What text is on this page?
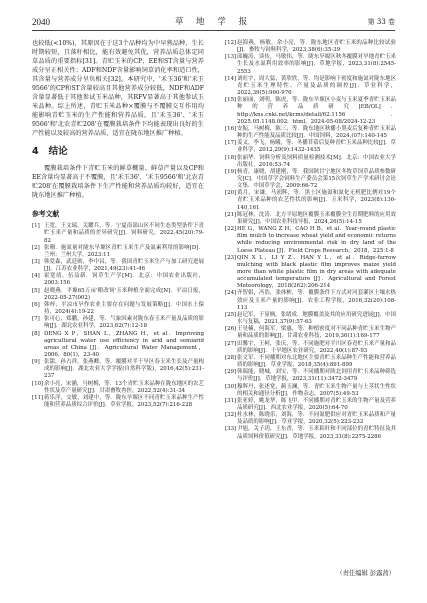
2040	草 地 学 报	第 33 卷

也较低(<10%)，其原因在于这3个品种均为中早熟品种，生长时期较短，且落秆相比，能有效避免其优，营养品质总体定同草品质的重要指标[31]。青贮玉米的CP、EE和ST含量与营养成分呈正相关性；ADF和NDF含量影响饲草消化率和适口性，其含量与营养成分呈负相关[32]。本研究中，'禾玉36'和'禾玉9566'的CP和ST含量较高且其他营养成分较低，NDF和ADF含量显著低于其他参试玉米品种，其RFV显著高于其他参试玉米品种。综上所述，青贮玉米品种×覆膜与不覆膜交互作用均能影响青贮玉米的生产性能和营养品质，且'禾玉36'、'禾玉9566'和'北农青贮208'在覆膜栽培条件下均能表现出良好的生产性能以及较高的营养品质，适宜在陇东地区推广种植。

4 结论

覆膜栽培条件下青贮玉米的鲜草概量、鲜草产量以及CP和EE含量均显著高于不覆膜，且'禾玉36'、'禾玉9566'和'北农青贮208'在覆膜栽培条件下生产性能和营养品质均较好，适宜在陇东地区推广种植。

参考文献
[1] 王宽，王文瑞，关耀兵，等．宁夏南部山区不同生态类型条件下青贮玉米产量和品质的差异研究[J]．饲料研究，2022,45(20):79-82
[2] 张珊．施氮量对陇东旱塬区青贮玉米生产及氮素利用的影响[D]．兰州：兰州大学，2023:11
[3] 韩爱森，武廷勋，李中昌，等．我国青贮玉米生产与加工研究进展[J]．江苏农业科学，2021,49(23):41-46
[4] 霍宽靖，伍益新．饲草生产学[M]．北京：中国农业出版社，2003:156
[5] 赵晓燕．平塬65万亩'粮改饲'玉米种植全面完成[N]．平凉日报，2022-05-27(002)
[6] 韩梓，平凉市旱作农业主要存在问题与发展策略[J]．中国水土保持，2024(4):19-22
[7] 张可心，郑鹏，孙建，等．气象因素对陇东春玉米产量及品质的影响[J]．湖北农业科学，2023,62(7):12-18
[8] DENG X P，SHAN L，ZHANG H，et al．Improving agricultural water use efficiency in arid and semiarid areas of China [J]．Agricultural Water Management，2006，80(1)，23-40
[9] 张甜，孙占祥，张燕卿，等．覆膜对半干旱区春玉米生长及产量构成的影响[J]．湖北农业大学学报(自然科学版)，2016,42(5):231-237
[10] 余小亮，宋涵，马树梅，等．13个青贮玉米品种在陇东地区的农艺性状及草产量研究[J]．甘肃畜牧兽医，2022,52(4):31-34
[11] 蒋乐洋，交敏，刘建中，等．陇东旱塬区不同青贮玉米品种生产性能和营养品质综合评价[J]．草业学报，2023,52(7):216-228
[12] 赵海燕，杨敏，余小亮，等．陇东地区青贮玉米的品种比较试验[J]．畜牧与饲料科学，2023,38(6):35-39
[13] 邱巍涛，谈传，马敏伟，等．陇东旱塬区秋冬覆膜对旱地青贮玉米生长及水氮利用效率的影响[J]．草地学报，2023,31(8):2545-2553
[14] 刘旺宇，周大猛，黄欣欣，等．均是影响下密度和施氮对陇东地区青贮玉米生理特性、产量及品质的调控[J]．草业科学，2022,39(5):960-976
[15] 张丽丽，刘明，陈虎，等．陇东旱塬区小麦与玉米夏季青贮玉米品种的营养品质研究[EB/OL]．http://kns.cnki.net/kcms/detail/62.1156．2025.05.1148.002．html，2024-05-08/2024-12-23
[16] 安振，马树梅，陈三，等．陇东地区秋播小黑麦后复种青贮玉米品种的生产性能及品质比较[J]．中国饲料，2024,(07):140-145
[17] 姜义，李飞，杨曦，等．冬播苜蓿后复种青贮玉米品种比较[J]．草业科学，2012,29(9):1432-1435
[18] 张丽华．饲料分析及饲料质量检测技术[M]．北京：中国农业大学出版社，2016:53-74
[19] 杨青，康晓，胡建刚，等．我国陕甘宁地区冬牧草饲草品质参数研究[C]．中国草学会饲料生产委员会第15次饲草生产学术研讨会论文集．中国草学会，2009:66-72
[20] 黄月，宋谦，马润辉，等．黑土区施氮和氮化无机肥比例对19个青贮玉米品种的农艺性状的影响[J]．玉米科学，2023(8):136-140,161
[21] 陈冠林，沈涛．北方平原地区覆膜玉米覆膜全生育期肥料的应用效果研究[J]．中国农业科技导报，2024,26(5):14-15
[22] HE G，WANG Z H，CAO H B，et al．Year-round plastic film mulch to increase wheat yield and economic returns while reducing environmental risk in dry land of the Loess Plateau [J]．Field Crops Research，2018，225:1-8
[23] QIN X L，LI Y Z，HAN Y L，et al．Ridge-furrow mulching with black plastic film improves maize yield more than white plastic film in dry areas with adequate accumulated temperature [J]．Agricultural and Forest Meteorology，2018(262):206-214
[24] 齐智娟，冯浩，张体彬，等．覆膜条件下方式对河套灌区土壤水热效应及玉米产量的影响[J]．农业工程学报，2016,32(20):108-113
[25] 赵记军，于显枫，张绪成．地膜覆盖及其的应用研究进展[J]．中国水与复稿，2021,37(9):57-63
[26] 王昊楠，何海军，梁惠，等．种植密度对不同品种青贮玉米生物产量和品质的影响[J]．甘肃农业科技，2019,36(1):169-177
[27] 田馨宇，王柯，张庆，等．不同施肥对平川区春青贮玉米产量和品质的影响[J]．干旱地区农业研究，2022,40(1):87-93
[28] 张文军．不同播期对东北地区主要青贮玉米品种生产性能和营养品质的影响[J]．草业学报，2018,35(4):891-899
[29] 韩瑞能，晓城，刘宝，等．不同播期对陕北饲用青贮玉米品种筛选与评价[J]．草地学报，2023,31(11):3472-3479
[30] 穆晖丹，张述宽，蔺玉澜，等．青贮玉米生物产量与上茎状生性状的相关和通径分析[J]．作物杂志，2007(5):49-53
[31] 张亚婷，姚龙华，陈飞甲．不同播期对青贮玉米的生物产量及营养品质研究[J]．西北农业学报，2020(5):64-70
[32] 杜水林，陈晓乐，刘海，等．不同氮肥供应对青贮玉米品质和产量及品质的影响[J]．草业学报，2020,32(5):223-232
[33] 尹旭，关子玥，王东香，等．玉米秸秆和不同部位的青贮特征及其品质饲料价值研究[J]．草地学报，2023,31(8):2275-2286
（责任编辑 彭露茜）
